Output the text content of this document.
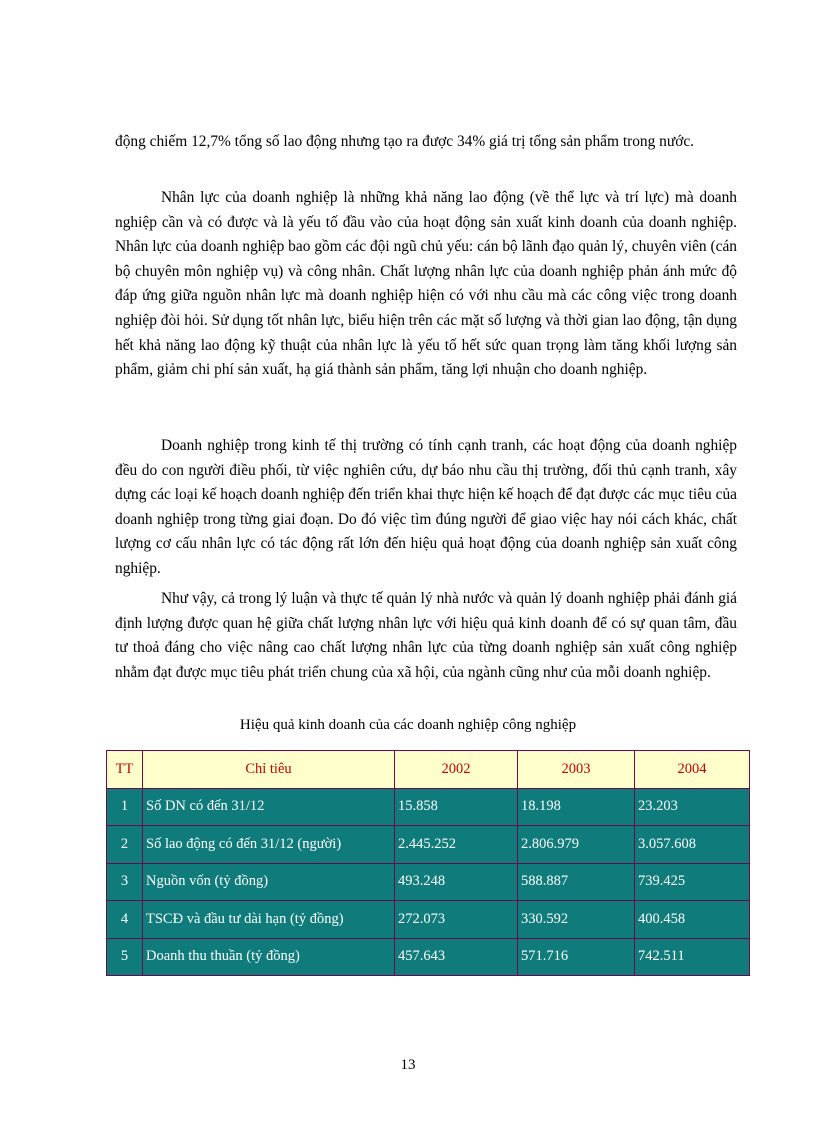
động chiếm 12,7% tổng số lao động nhưng tạo ra được 34% giá trị tổng sản phẩm trong nước.

Nhân lực của doanh nghiệp là những khả năng lao động (về thể lực và trí lực) mà doanh nghiệp cần và có được và là yếu tố đầu vào của hoạt động sản xuất kinh doanh của doanh nghiệp. Nhân lực của doanh nghiệp bao gồm các đội ngũ chủ yếu: cán bộ lãnh đạo quản lý, chuyên viên (cán bộ chuyên môn nghiệp vụ) và công nhân. Chất lượng nhân lực của doanh nghiệp phản ánh mức độ đáp ứng giữa nguồn nhân lực mà doanh nghiệp hiện có với nhu cầu mà các công việc trong doanh nghiệp đòi hỏi. Sử dụng tốt nhân lực, biểu hiện trên các mặt số lượng và thời gian lao động, tận dụng hết khả năng lao động kỹ thuật của nhân lực là yếu tố hết sức quan trọng làm tăng khối lượng sản phẩm, giảm chi phí sản xuất, hạ giá thành sản phẩm, tăng lợi nhuận cho doanh nghiệp.

Doanh nghiệp trong kinh tế thị trường có tính cạnh tranh, các hoạt động của doanh nghiệp đều do con người điều phối, từ việc nghiên cứu, dự báo nhu cầu thị trường, đối thủ cạnh tranh, xây dựng các loại kế hoạch doanh nghiệp đến triển khai thực hiện kế hoạch để đạt được các mục tiêu của doanh nghiệp trong từng giai đoạn. Do đó việc tìm đúng người để giao việc hay nói cách khác, chất lượng cơ cấu nhân lực có tác động rất lớn đến hiệu quả hoạt động của doanh nghiệp sản xuất công nghiệp.

Như vậy, cả trong lý luận và thực tế quản lý nhà nước và quản lý doanh nghiệp phải đánh giá định lượng được quan hệ giữa chất lượng nhân lực với hiệu quả kinh doanh để có sự quan tâm, đầu tư thoả đáng cho việc nâng cao chất lượng nhân lực của từng doanh nghiệp sản xuất công nghiệp nhằm đạt được mục tiêu phát triển chung của xã hội, của ngành cũng như của mỗi doanh nghiệp.

Hiệu quả kinh doanh của các doanh nghiệp công nghiệp
TT	Chỉ tiêu	2002	2003	2004
1	Số DN có đến 31/12	15.858	18.198	23.203
2	Số lao động có đến 31/12 (người)	2.445.252	2.806.979	3.057.608
3	Nguồn vốn (tỷ đồng)	493.248	588.887	739.425
4	TSCĐ và đầu tư dài hạn (tỷ đồng)	272.073	330.592	400.458
5	Doanh thu thuần (tỷ đồng)	457.643	571.716	742.511
13
